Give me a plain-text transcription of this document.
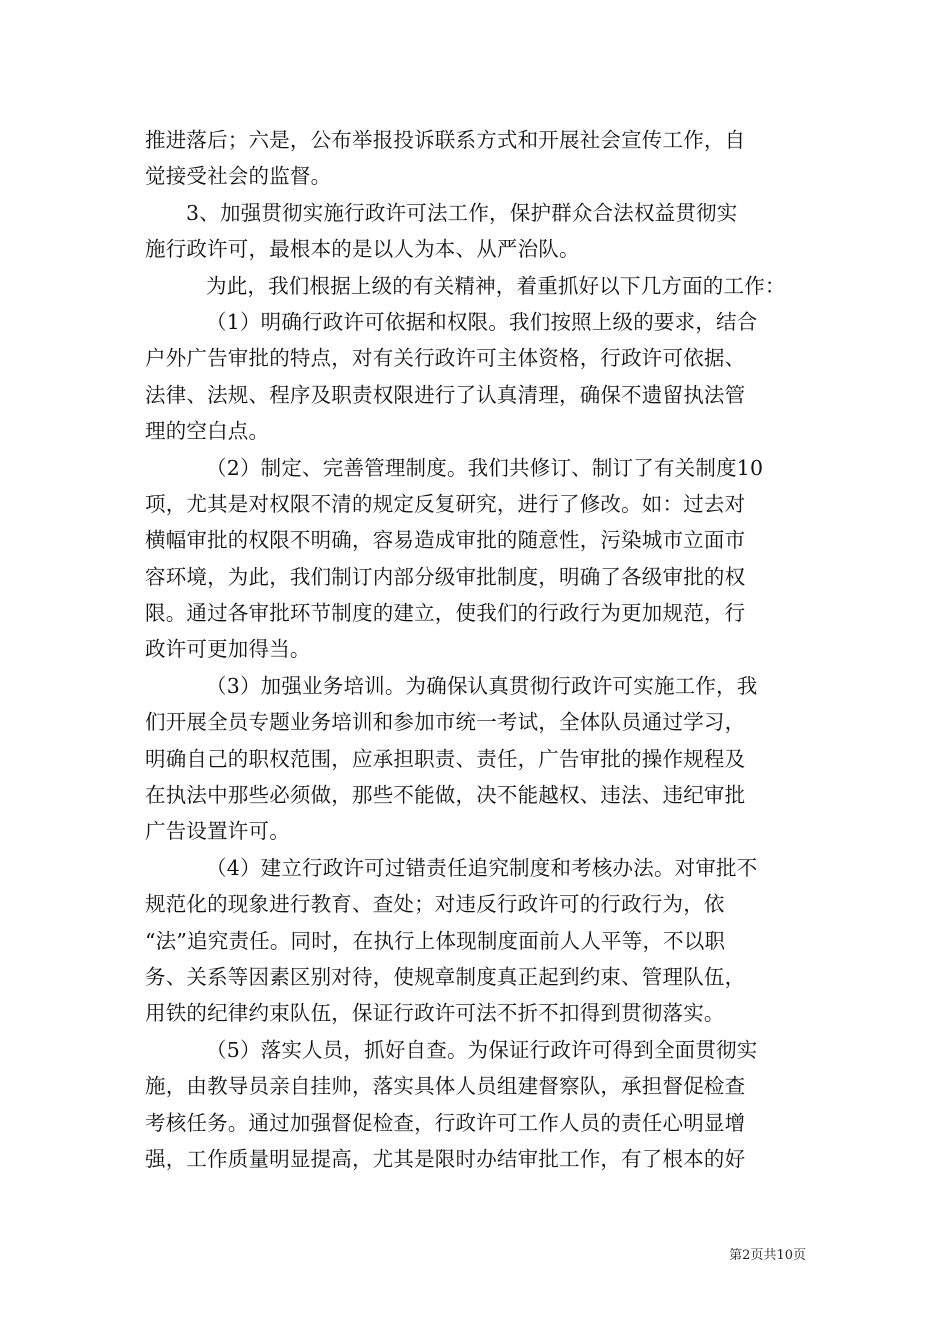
推进落后；六是，公布举报投诉联系方式和开展社会宣传工作，自
觉接受社会的监督。
3、加强贯彻实施行政许可法工作，保护群众合法权益贯彻实
施行政许可，最根本的是以人为本、从严治队。
为此，我们根据上级的有关精神，着重抓好以下几方面的工作：
（1）明确行政许可依据和权限。我们按照上级的要求，结合
户外广告审批的特点，对有关行政许可主体资格，行政许可依据、
法律、法规、程序及职责权限进行了认真清理，确保不遗留执法管
理的空白点。
（2）制定、完善管理制度。我们共修订、制订了有关制度10
项，尤其是对权限不清的规定反复研究，进行了修改。如：过去对
横幅审批的权限不明确，容易造成审批的随意性，污染城市立面市
容环境，为此，我们制订内部分级审批制度，明确了各级审批的权
限。通过各审批环节制度的建立，使我们的行政行为更加规范，行
政许可更加得当。
（3）加强业务培训。为确保认真贯彻行政许可实施工作，我
们开展全员专题业务培训和参加市统一考试，全体队员通过学习，
明确自己的职权范围，应承担职责、责任，广告审批的操作规程及
在执法中那些必须做，那些不能做，决不能越权、违法、违纪审批
广告设置许可。
（4）建立行政许可过错责任追究制度和考核办法。对审批不
规范化的现象进行教育、查处；对违反行政许可的行政行为，依
“法”追究责任。同时，在执行上体现制度面前人人平等，不以职
务、关系等因素区别对待，使规章制度真正起到约束、管理队伍，
用铁的纪律约束队伍，保证行政许可法不折不扣得到贯彻落实。
（5）落实人员，抓好自查。为保证行政许可得到全面贯彻实
施，由教导员亲自挂帅，落实具体人员组建督察队，承担督促检查
考核任务。通过加强督促检查，行政许可工作人员的责任心明显增
强，工作质量明显提高，尤其是限时办结审批工作，有了根本的好
第2页共10页
